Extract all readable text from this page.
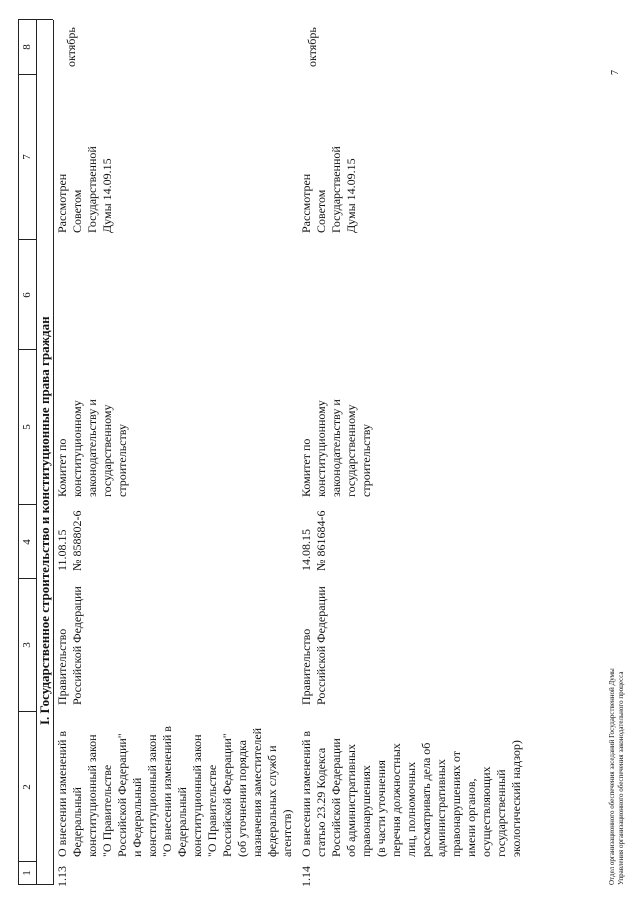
1
2
3
4
5
6
7
8
I. Государственное строительство и конституционные права граждан
1.13
О внесении изменений в Федеральный конституционный закон "О Правительстве Российской Федерации" и Федеральный конституционный закон "О внесении изменений в Федеральный конституционный закон "О Правительстве Российской Федерации" (об уточнении порядка назначения заместителей федеральных служб и агентств)
Правительство Российской Федерации
11.08.15 № 858802-6
Комитет по конституционному законодательству и государственному строительству
Рассмотрен Советом Государственной Думы 14.09.15
октябрь
1.14
О внесении изменений в статью 23.29 Кодекса Российской Федерации об административных правонарушениях (в части уточнения перечня должностных лиц, полномочных рассматривать дела об административных правонарушениях от имени органов, осуществляющих государственный экологический надзор)
Правительство Российской Федерации
14.08.15 № 861684-6
Комитет по конституционному законодательству и государственному строительству
Рассмотрен Советом Государственной Думы 14.09.15
октябрь
Отдел организационного обеспечения заседаний Государственной Думы Управления организационного обеспечения законодательного процесса
7
